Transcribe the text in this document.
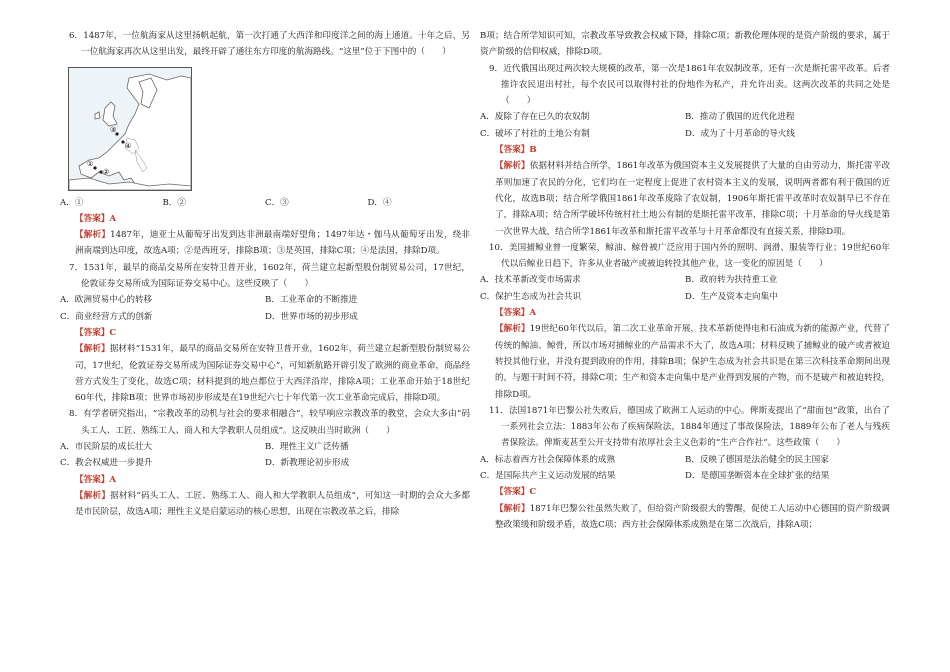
6．1487年，一位航海家从这里扬帆起航，第一次打通了大西洋和印度洋之间的海上通道。十年之后，另一位航海家再次从这里出发，最终开辟了通往东方印度的航海路线。“这里”位于下图中的（　　）

③
④
①
②
A．①	B．②	C．③	D．④

【答案】A

【解析】1487年，迪亚士从葡萄牙出发到达非洲最南端好望角；1497年达・伽马从葡萄牙出发，绕非洲南端到达印度，故选A项；②是西班牙，排除B项；③是英国，排除C项；④是法国，排除D项。

7．1531年，最早的商品交易所在安特卫普开业，1602年，荷兰建立起新型股份制贸易公司，17世纪，伦敦证券交易所成为国际证券交易中心。这些反映了（　　）

A．欧洲贸易中心的转移	B．工业革命的不断推进
C．商业经营方式的创新	D．世界市场的初步形成

【答案】C

【解析】据材料“1531年，最早的商品交易所在安特卫普开业，1602年，荷兰建立起新型股份制贸易公司，17世纪，伦敦证券交易所成为国际证券交易中心”，可知新航路开辟引发了欧洲的商业革命，商品经营方式发生了变化，故选C项；材料提到的地点都位于大西洋沿岸，排除A项；工业革命开始于18世纪60年代，排除B项；世界市场初步形成是在19世纪六七十年代第一次工业革命完成后，排除D项。

8．有学者研究指出，“宗教改革的动机与社会的要求相融合”，较早响应宗教改革的教堂，会众大多由“码头工人、工匠、熟练工人、商人和大学教职人员组成”。这反映出当时欧洲（　　）

A．市民阶层的成长壮大	B．理性主义广泛传播
C．教会权威进一步提升	D．新教理论初步形成

【答案】A

【解析】据材料“码头工人、工匠、熟练工人、商人和大学教职人员组成”，可知这一时期的会众大多都是市民阶层，故选A项；理性主义是启蒙运动的核心思想，出现在宗教改革之后，排除

B项；结合所学知识可知，宗教改革导致教会权威下降，排除C项；新教伦理体现的是资产阶级的要求，属于资产阶级的信仰权威，排除D项。

9．近代俄国出现过两次较大规模的改革，第一次是1861年农奴制改革，还有一次是斯托雷平改革。后者推许农民退出村社，每个农民可以取得村社的份地作为私产，并允许出卖。这两次改革的共同之处是（　　）

A．废除了存在已久的农奴制	B．推动了俄国的近代化进程
C．破坏了村社的土地公有制	D．成为了十月革命的导火线

【答案】B

【解析】依据材料并结合所学，1861年改革为俄国资本主义发展提供了大量的自由劳动力，斯托雷平改革则加速了农民的分化，它们均在一定程度上促进了农村资本主义的发展，说明两者都有利于俄国的近代化，故选B项；结合所学俄国1861年改革废除了农奴制，1906年斯托雷平改革时农奴制早已不存在了，排除A项；结合所学破坏传统村社土地公有制的是斯托雷平改革，排除C项；十月革命的导火线是第一次世界大战，结合所学1861年改革和斯托雷平改革与十月革命都没有直接关系，排除D项。

10．美国捕鲸业曾一度繁荣，鲸油、鲸骨被广泛应用于国内外的照明、润滑、服装等行业；19世纪60年代以后鲸业日趋下，许多从业者破产或被迫转投其他产业，这一变化的原因是（　　）

A．技术革新改变市场需求	B．政府转为扶持重工业
C．保护生态成为社会共识	D．生产及资本走向集中

【答案】A

【解析】19世纪60年代以后，第二次工业革命开展，技术革新使得电和石油成为新的能源产业，代替了传统的鲸油、鲸骨，所以市场对捕鲸业的产品需求不大了，故选A项；材料反映了捕鲸业的破产或者被迫转投其他行业，并没有提到政府的作用，排除B项；保护生态成为社会共识是在第三次科技革命期间出现的，与题干时间不符，排除C项；生产和资本走向集中是产业得到发展的产物，而不是破产和被迫转投，排除D项。

11．法国1871年巴黎公社失败后，德国成了欧洲工人运动的中心。俾斯麦提出了“甜面包”政策，出台了一系列社会立法：1883年公布了疾病保险法，1884年通过了事故保险法，1889年公布了老人与残疾者保险法。俾斯麦甚至公开支持带有浓厚社会主义色彩的“生产合作社”。这些政策（　　）

A．标志着西方社会保障体系的成熟	B．反映了德国是法治健全的民主国家
C．是国际共产主义运动发展的结果	D．是德国垄断资本在全球扩张的结果

【答案】C

【解析】1871年巴黎公社虽然失败了，但给资产阶级很大的警醒，促使工人运动中心德国的资产阶级调整政策缓和阶级矛盾，故选C项；西方社会保障体系成熟是在第二次战后，排除A项；
